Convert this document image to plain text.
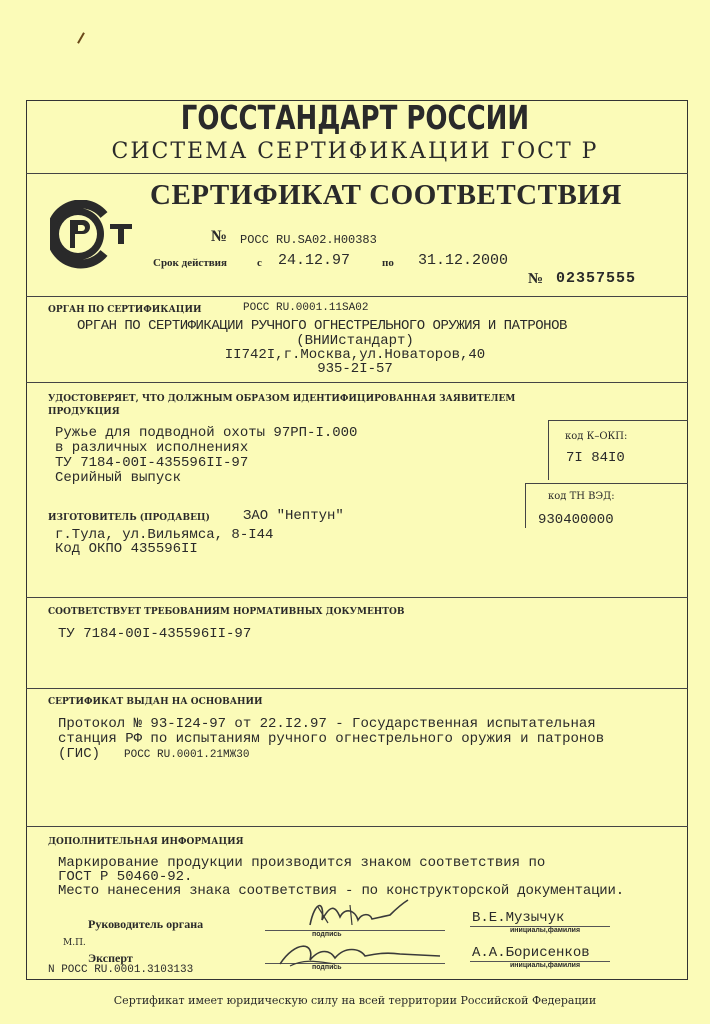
ГОССТАНДАРТ РОССИИ
СИСТЕМА СЕРТИФИКАЦИИ ГОСТ Р
СЕРТИФИКАТ СООТВЕТСТВИЯ
№ РОСС RU.SA02.H00383
Срок действия	с 24.12.97	по 31.12.2000
№ 02357555
ОРГАН ПО СЕРТИФИКАЦИИ	РОСС RU.0001.11SA02
ОРГАН ПО СЕРТИФИКАЦИИ РУЧНОГО ОГНЕСТРЕЛЬНОГО ОРУЖИЯ И ПАТРОНОВ
(ВНИИстандарт)
II742I,г.Москва,ул.Новаторов,40
935-2I-57
УДОСТОВЕРЯЕТ, ЧТО ДОЛЖНЫМ ОБРАЗОМ ИДЕНТИФИЦИРОВАННАЯ ЗАЯВИТЕЛЕМ
ПРОДУКЦИЯ
Ружье для подводной охоты 97РП-I.000
в различных исполнениях
ТУ 7184-00I-435596II-97
Серийный выпуск
код К–ОКП:
7I 84I0
код ТН ВЭД:
930400000
ИЗГОТОВИТЕЛЬ (ПРОДАВЕЦ) ЗАО "Нептун"
г.Тула, ул.Вильямса, 8-I44
Код ОКПО 435596II
СООТВЕТСТВУЕТ ТРЕБОВАНИЯМ НОРМАТИВНЫХ ДОКУМЕНТОВ
ТУ 7184-00I-435596II-97
СЕРТИФИКАТ ВЫДАН НА ОСНОВАНИИ
Протокол № 93-I24-97 от 22.I2.97 - Государственная испытательная
станция РФ по испытаниям ручного огнестрельного оружия и патронов
(ГИС) РОСС RU.0001.21МЖ30
ДОПОЛНИТЕЛЬНАЯ ИНФОРМАЦИЯ
Маркирование продукции производится знаком соответствия по
ГОСТ Р 50460-92.
Место нанесения знака соответствия - по конструкторской документации.
Руководитель органа
М.П.
Эксперт
N РОСС RU.0001.3103133
подпись
подпись
В.Е.Музычук
инициалы,фамилия
А.А.Борисенков
инициалы,фамилия
Сертификат имеет юридическую силу на всей территории Российской Федерации
